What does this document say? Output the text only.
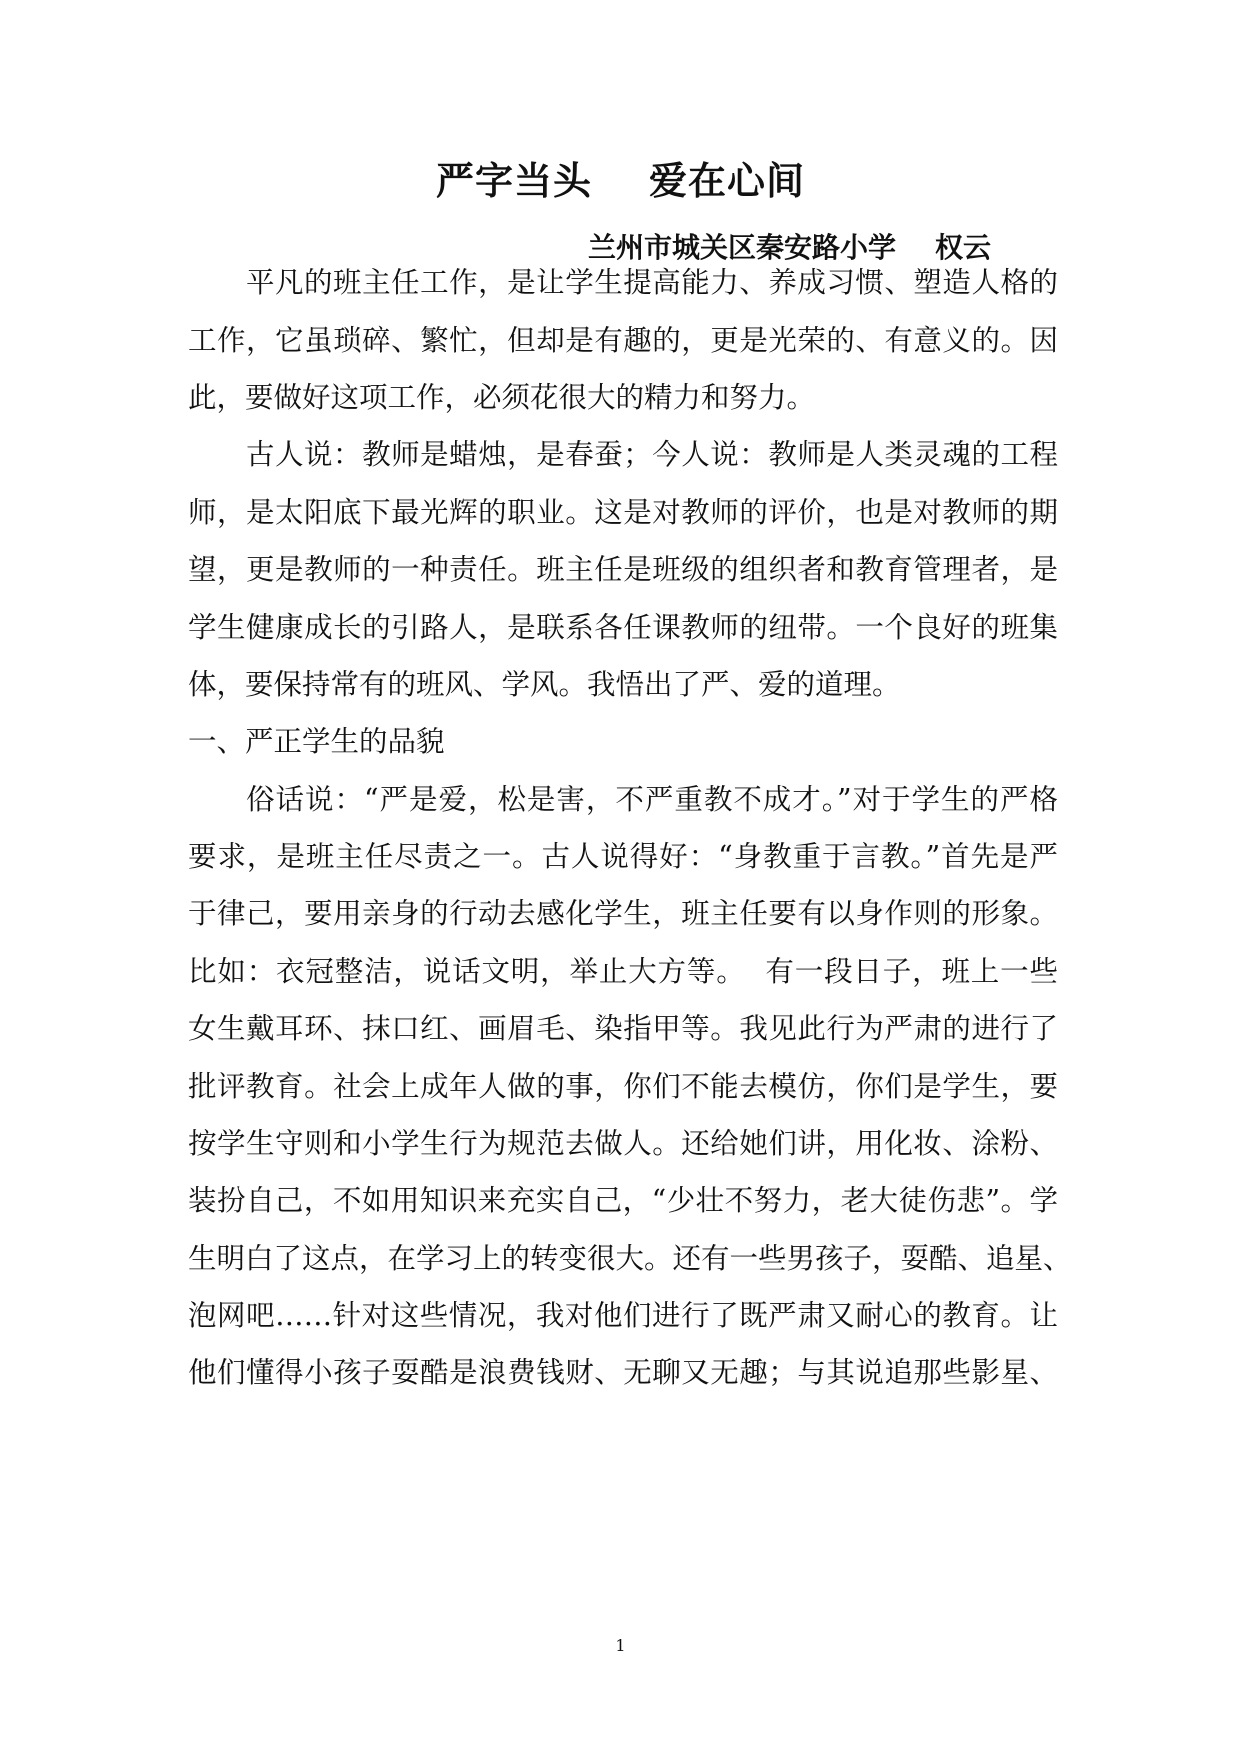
严字当头    爱在心间
兰州市城关区秦安路小学    权云
平凡的班主任工作，是让学生提高能力、养成习惯、塑造人格的
工作，它虽琐碎、繁忙，但却是有趣的，更是光荣的、有意义的。因
此，要做好这项工作，必须花很大的精力和努力。
古人说：教师是蜡烛，是春蚕；今人说：教师是人类灵魂的工程
师，是太阳底下最光辉的职业。这是对教师的评价，也是对教师的期
望，更是教师的一种责任。班主任是班级的组织者和教育管理者，是
学生健康成长的引路人，是联系各任课教师的纽带。一个良好的班集
体，要保持常有的班风、学风。我悟出了严、爱的道理。
一、严正学生的品貌
俗话说：“严是爱，松是害，不严重教不成才。”对于学生的严格
要求，是班主任尽责之一。古人说得好：“身教重于言教。”首先是严
于律己，要用亲身的行动去感化学生，班主任要有以身作则的形象。
比如：衣冠整洁，说话文明，举止大方等。  有一段日子，班上一些
女生戴耳环、抹口红、画眉毛、染指甲等。我见此行为严肃的进行了
批评教育。社会上成年人做的事，你们不能去模仿，你们是学生，要
按学生守则和小学生行为规范去做人。还给她们讲，用化妆、涂粉、
装扮自己，不如用知识来充实自己，“少壮不努力，老大徒伤悲”。学
生明白了这点，在学习上的转变很大。还有一些男孩子，耍酷、追星、
泡网吧……针对这些情况，我对他们进行了既严肃又耐心的教育。让
他们懂得小孩子耍酷是浪费钱财、无聊又无趣；与其说追那些影星、
1
